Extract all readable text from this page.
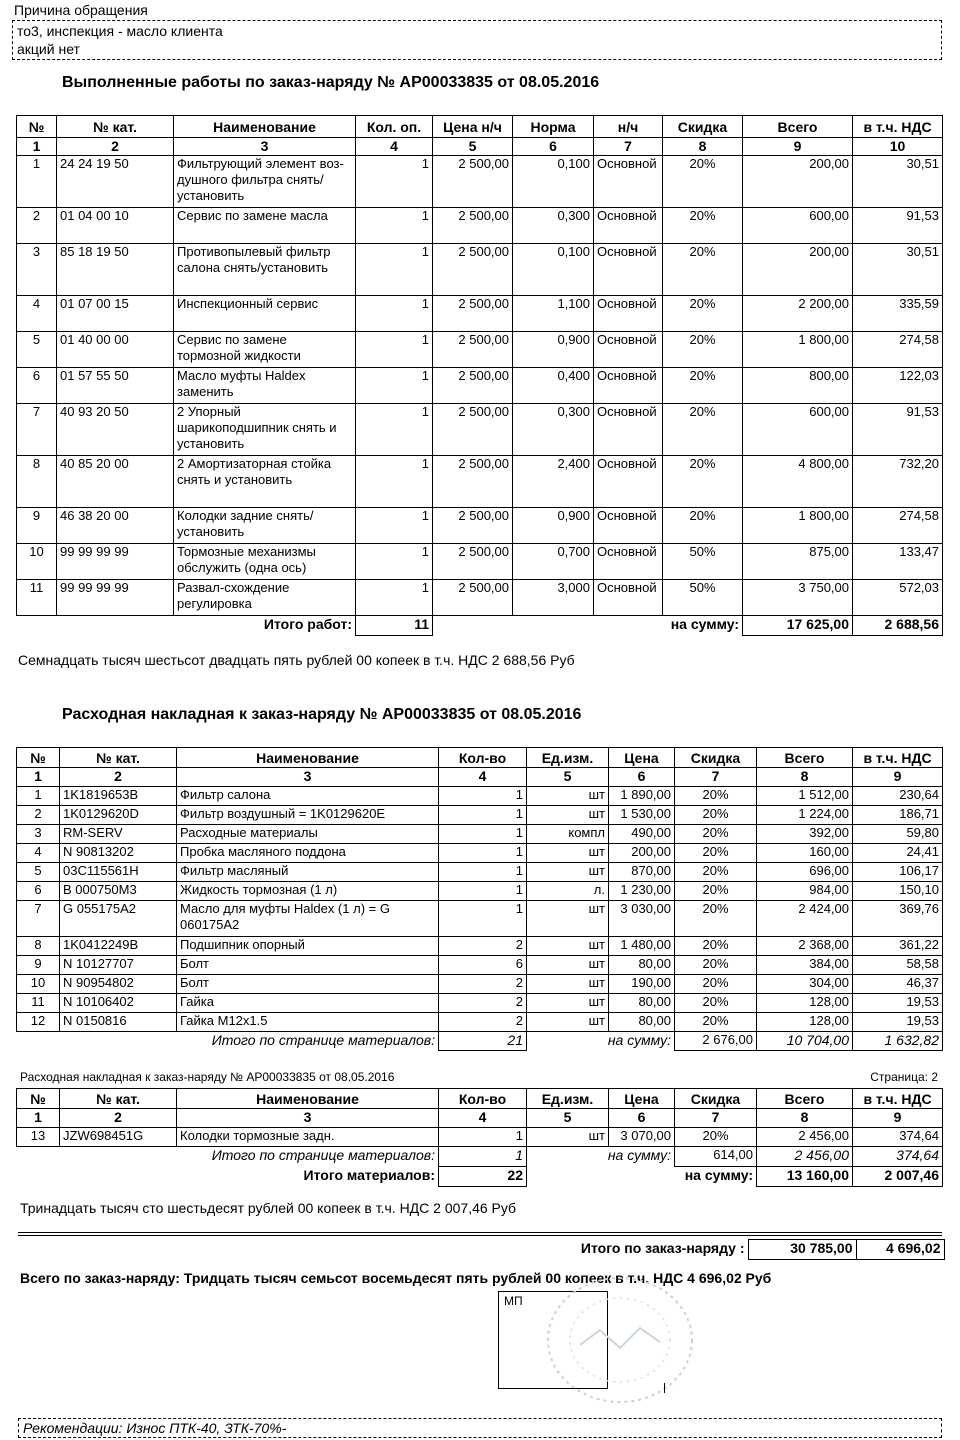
Причина обращения
то3, инспекция - масло клиента
акций нет
Выполненные работы по заказ-наряду № АР00033835 от 08.05.2016
№	№ кат.	Наименование	Кол. оп.	Цена н/ч	Норма	н/ч	Скидка	Всего	в т.ч. НДС
1	2	3	4	5	6	7	8	9	10
1	24 24 19 50	Фильтрующий элемент воз-душного фильтра снять/установить	1	2 500,00	0,100	Основной	20%	200,00	30,51
2	01 04 00 10	Сервис по замене масла	1	2 500,00	0,300	Основной	20%	600,00	91,53
3	85 18 19 50	Противопылевый фильтр салона снять/установить	1	2 500,00	0,100	Основной	20%	200,00	30,51
4	01 07 00 15	Инспекционный сервис	1	2 500,00	1,100	Основной	20%	2 200,00	335,59
5	01 40 00 00	Сервис по замене тормозной жидкости	1	2 500,00	0,900	Основной	20%	1 800,00	274,58
6	01 57 55 50	Масло муфты Haldex заменить	1	2 500,00	0,400	Основной	20%	800,00	122,03
7	40 93 20 50	2 Упорный шарикоподшипник снять и установить	1	2 500,00	0,300	Основной	20%	600,00	91,53
8	40 85 20 00	2 Амортизаторная стойка снять и установить	1	2 500,00	2,400	Основной	20%	4 800,00	732,20
9	46 38 20 00	Колодки задние снять/установить	1	2 500,00	0,900	Основной	20%	1 800,00	274,58
10	99 99 99 99	Тормозные механизмы обслужить (одна ось)	1	2 500,00	0,700	Основной	50%	875,00	133,47
11	99 99 99 99	Развал-схождение регулировка	1	2 500,00	3,000	Основной	50%	3 750,00	572,03
Итого работ:			11	на сумму:				17 625,00	2 688,56
Семнадцать тысяч шестьсот двадцать пять рублей 00 копеек в т.ч. НДС 2 688,56 Руб
Расходная накладная к заказ-наряду № АР00033835 от 08.05.2016
№	№ кат.	Наименование	Кол-во	Ед.изм.	Цена	Скидка	Всего	в т.ч. НДС
1	2	3	4	5	6	7	8	9
1	1K1819653B	Фильтр салона	1	шт	1 890,00	20%	1 512,00	230,64
2	1K0129620D	Фильтр воздушный = 1K0129620E	1	шт	1 530,00	20%	1 224,00	186,71
3	RM-SERV	Расходные материалы	1	компл	490,00	20%	392,00	59,80
4	N 90813202	Пробка масляного поддона	1	шт	200,00	20%	160,00	24,41
5	03C115561H	Фильтр масляный	1	шт	870,00	20%	696,00	106,17
6	B 000750M3	Жидкость тормозная (1 л)	1	л.	1 230,00	20%	984,00	150,10
7	G 055175A2	Масло для муфты Haldex (1 л) = G 060175A2	1	шт	3 030,00	20%	2 424,00	369,76
8	1K0412249B	Подшипник опорный	2	шт	1 480,00	20%	2 368,00	361,22
9	N 10127707	Болт	6	шт	80,00	20%	384,00	58,58
10	N 90954802	Болт	2	шт	190,00	20%	304,00	46,37
11	N 10106402	Гайка	2	шт	80,00	20%	128,00	19,53
12	N 0150816	Гайка M12x1.5	2	шт	80,00	20%	128,00	19,53
Итого по странице материалов:			21	на сумму:		2 676,00	10 704,00	1 632,82
Расходная накладная к заказ-наряду № АР00033835 от 08.05.2016	Страница: 2
№	№ кат.	Наименование	Кол-во	Ед.изм.	Цена	Скидка	Всего	в т.ч. НДС
1	2	3	4	5	6	7	8	9
13	JZW698451G	Колодки тормозные задн.	1	шт	3 070,00	20%	2 456,00	374,64
Итого по странице материалов:			1	на сумму:		614,00	2 456,00	374,64
Итого материалов:			22	на сумму:			13 160,00	2 007,46
Тринадцать тысяч сто шестьдесят рублей 00 копеек в т.ч. НДС 2 007,46 Руб
Итого по заказ-наряду :	30 785,00	4 696,02
Всего по заказ-наряду: Тридцать тысяч семьсот восемьдесят пять рублей 00 копеек в т.ч. НДС 4 696,02 Руб
МП
Рекомендации: Износ ПТК-40, ЗТК-70%-
